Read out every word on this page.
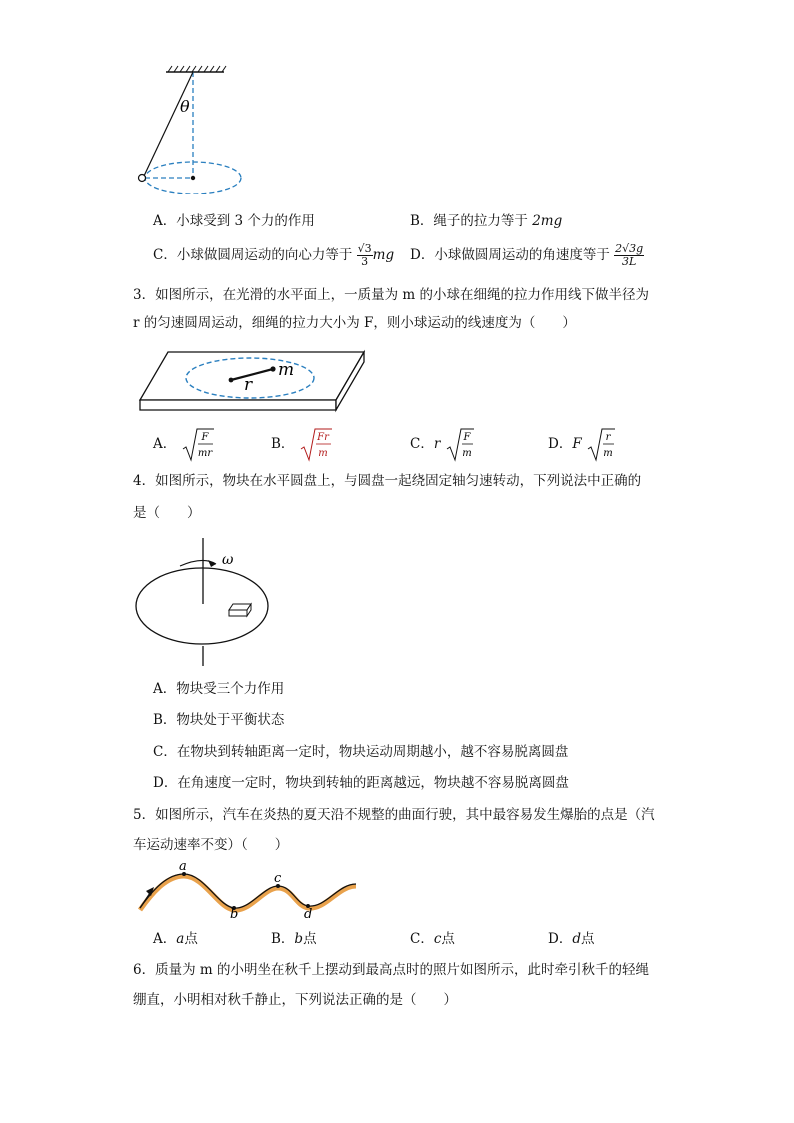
θ
A．小球受到 3 个力的作用	B．绳子的拉力等于 2mg
C．小球做圆周运动的向心力等于 $\frac{√3}{3}$ mg D．小球做圆周运动的角速度等于 $\frac{2√3g}{3L}$
3．如图所示，在光滑的水平面上，一质量为 m 的小球在细绳的拉力作用线下做半径为
r 的匀速圆周运动，细绳的拉力大小为 F，则小球运动的线速度为（　　）
m
r
A． F
mr
B． Fr
m
C．r F
m
D．F r
m
4．如图所示，物块在水平圆盘上，与圆盘一起绕固定轴匀速转动，下列说法中正确的
是（　　）
ω
A．物块受三个力作用
B．物块处于平衡状态
C．在物块到转轴距离一定时，物块运动周期越小，越不容易脱离圆盘
D．在角速度一定时，物块到转轴的距离越远，物块越不容易脱离圆盘
5．如图所示，汽车在炎热的夏天沿不规整的曲面行驶，其中最容易发生爆胎的点是（汽
车运动速率不变）（　　）
a
b
c
d
A．a点	B．b点	C．c点	D．d点
6．质量为 m 的小明坐在秋千上摆动到最高点时的照片如图所示，此时牵引秋千的轻绳
绷直，小明相对秋千静止，下列说法正确的是（　　）
